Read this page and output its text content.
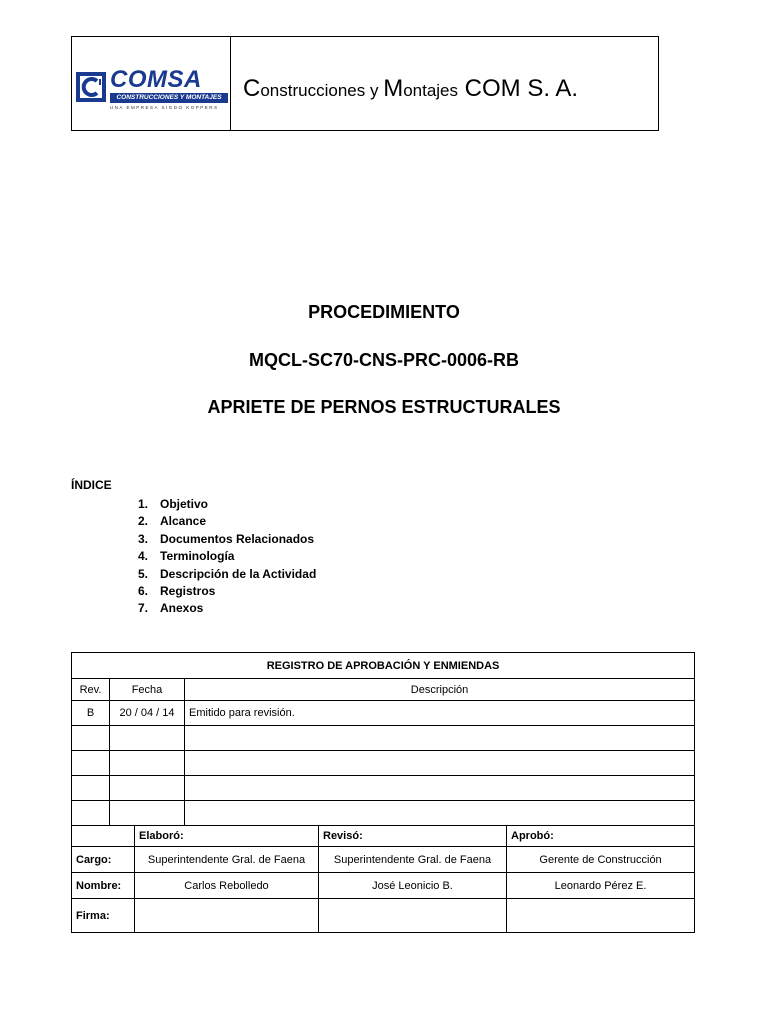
COMSA
CONSTRUCCIONES Y MONTAJES
UNA EMPRESA SIGDO KOPPERS
Construcciones y Montajes COM S. A.
PROCEDIMIENTO
MQCL-SC70-CNS-PRC-0006-RB
APRIETE DE PERNOS ESTRUCTURALES
ÍNDICE
1. Objetivo
2. Alcance
3. Documentos Relacionados
4. Terminología
5. Descripción de la Actividad
6. Registros
7. Anexos
REGISTRO DE APROBACIÓN Y ENMIENDAS					
Rev.	Fecha		Descripción		
B	20 / 04 / 14		Emitido para revisión.		

		Elaboró:		Revisó:	Aprobó:
Cargo:		Superintendente Gral. de Faena		Superintendente Gral. de Faena	Gerente de Construcción
Nombre:		Carlos Rebolledo		José Leonicio B.	Leonardo Pérez E.
Firma:					
